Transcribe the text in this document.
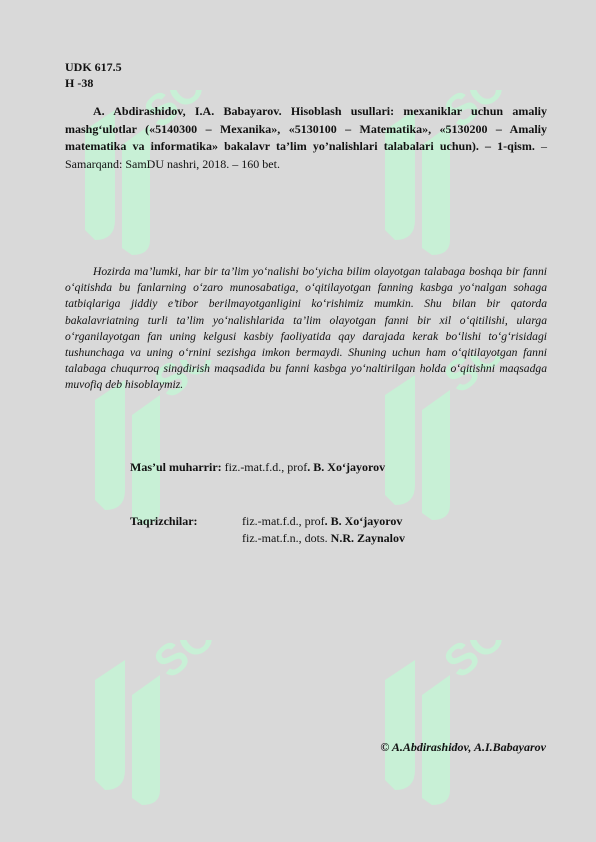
UDK 617.5
H -38
A. Abdirashidov, I.A. Babayarov. Hisoblash usullari: mexaniklar uchun amaliy mashg‘ulotlar («5140300 – Mexanika», «5130100 – Matematika», «5130200 – Amaliy matematika va informatika» bakalavr ta’lim yo’nalishlari talabalari uchun). – 1-qism. – Samarqand: SamDU nashri, 2018. – 160 bet.
Hozirda ma’lumki, har bir ta’lim yo‘nalishi bo‘yicha bilim olayotgan talabaga boshqa bir fanni o‘qitishda bu fanlarning o‘zaro munosabatiga, o‘qitilayotgan fanning kasbga yo‘nalgan sohaga tatbiqlariga jiddiy e’tibor berilmayotganligini ko‘rishimiz mumkin. Shu bilan bir qatorda bakalavriatning turli ta’lim yo‘nalishlarida ta’lim olayotgan fanni bir xil o‘qitilishi, ularga o‘rganilayotgan fan uning kelgusi kasbiy faoliyatida qay darajada kerak bo‘lishi to‘g‘risidagi tushunchaga va uning o‘rnini sezishga imkon bermaydi. Shuning uchun ham o‘qitilayotgan fanni talabaga chuqurroq singdirish maqsadida bu fanni kasbga yo‘naltirilgan holda o‘qitishni maqsadga muvofiq deb hisoblaymiz.
Mas’ul muharrir: fiz.-mat.f.d., prof. B. Xo‘jayorov
Taqrizchilar:	fiz.-mat.f.d., prof. B. Xo‘jayorov
fiz.-mat.f.n., dots. N.R. Zaynalov
© A.Abdirashidov, A.I.Babayarov
